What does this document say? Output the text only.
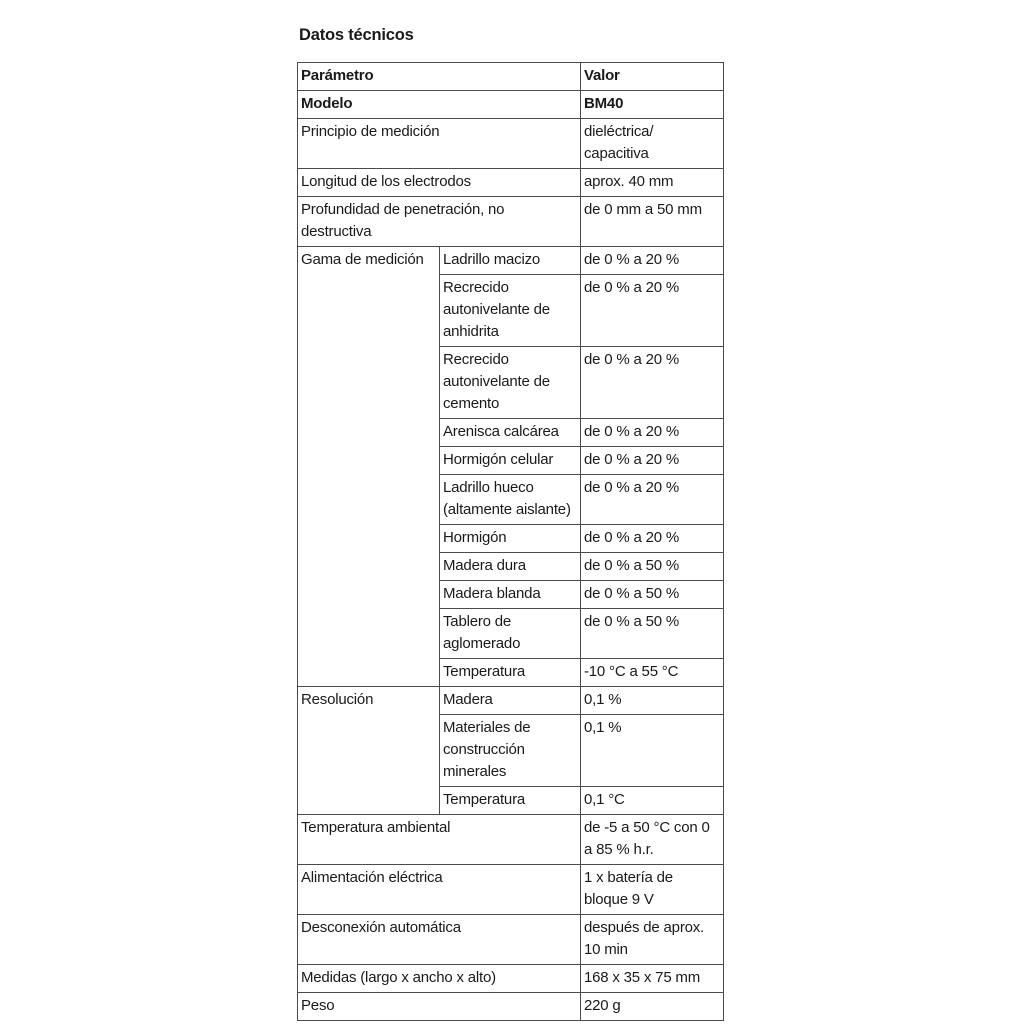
Datos técnicos
Parámetro		Valor
Modelo		BM40
Principio de medición		dieléctrica/ capacitiva
Longitud de los electrodos		aprox. 40 mm
Profundidad de penetración, no destructiva		de 0 mm a 50 mm
Gama de medición	Ladrillo macizo	de 0 % a 20 %
	Recrecido autonivelante de anhidrita	de 0 % a 20 %
	Recrecido autonivelante de cemento	de 0 % a 20 %
	Arenisca calcárea	de 0 % a 20 %
	Hormigón celular	de 0 % a 20 %
	Ladrillo hueco (altamente aislante)	de 0 % a 20 %
	Hormigón	de 0 % a 20 %
	Madera dura	de 0 % a 50 %
	Madera blanda	de 0 % a 50 %
	Tablero de aglomerado	de 0 % a 50 %
	Temperatura	-10 °C a 55 °C
Resolución	Madera	0,1 %
	Materiales de construcción minerales	0,1 %
	Temperatura	0,1 °C
Temperatura ambiental		de -5 a 50 °C con 0 a 85 % h.r.
Alimentación eléctrica		1 x batería de bloque 9 V
Desconexión automática		después de aprox. 10 min
Medidas (largo x ancho x alto)		168 x 35 x 75 mm
Peso		220 g
